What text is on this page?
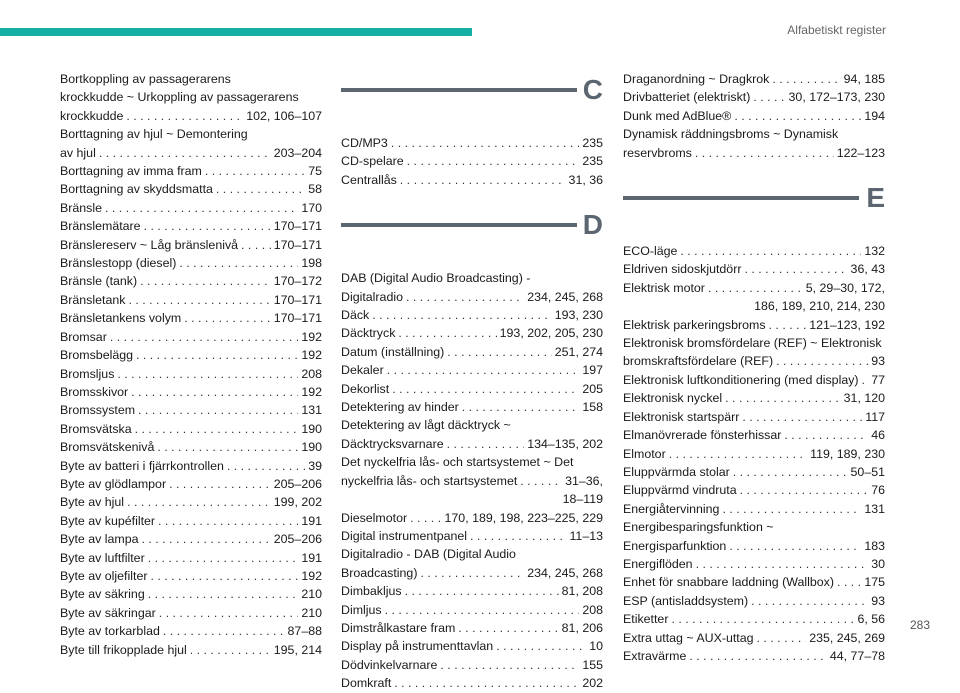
Alfabetiskt register
Bortkoppling av passagerarens
krockkudde ~ Urkoppling av passagerarens
krockkudde . . .	102, 106–107
Borttagning av hjul ~ Demontering
av hjul . . .	203–204
Borttagning av imma fram . . .	75
Borttagning av skyddsmatta . . .	58
Bränsle . . .	170
Bränslemätare . . .	170–171
Bränslereserv ~ Låg bränslenivå . . .	170–171
Bränslestopp (diesel) . . .	198
Bränsle (tank) . . .	170–172
Bränsletank . . .	170–171
Bränsletankens volym . . .	170–171
Bromsar . . .	192
Bromsbelägg . . .	192
Bromsljus . . .	208
Bromsskivor . . .	192
Bromssystem . . .	131
Bromsvätska . . .	190
Bromsvätskenivå . . .	190
Byte av batteri i fjärrkontrollen . . .	39
Byte av glödlampor . . .	205–206
Byte av hjul . . .	199, 202
Byte av kupéfilter . . .	191
Byte av lampa . . .	205–206
Byte av luftfilter . . .	191
Byte av oljefilter . . .	192
Byte av säkring . . .	210
Byte av säkringar . . .	210
Byte av torkarblad . . .	87–88
Byte till frikopplade hjul . . .	195, 214
C
CD/MP3 . . .	235
CD-spelare . . .	235
Centrallås . . .	31, 36
D
DAB (Digital Audio Broadcasting) -
Digitalradio . . .	234, 245, 268
Däck . . .	193, 230
Däcktryck . . .	193, 202, 205, 230
Datum (inställning) . . .	251, 274
Dekaler . . .	197
Dekorlist . . .	205
Detektering av hinder . . .	158
Detektering av lågt däcktryck ~
Däcktrycksvarnare . . .	134–135, 202
Det nyckelfria lås- och startsystemet ~ Det
nyckelfria lås- och startsystemet . . .	31–36,
18–119
Dieselmotor . . .	170, 189, 198, 223–225, 229
Digital instrumentpanel . . .	11–13
Digitalradio - DAB (Digital Audio
Broadcasting) . . .	234, 245, 268
Dimbakljus . . .	81, 208
Dimljus . . .	208
Dimstrålkastare fram . . .	81, 206
Display på instrumenttavlan . . .	10
Dödvinkelvarnare . . .	155
Domkraft . . .	202
Draganordning ~ Dragkrok . . .	94, 185
Drivbatteriet (elektriskt) . . .	30, 172–173, 230
Dunk med AdBlue® . . .	194
Dynamisk räddningsbroms ~ Dynamisk
reservbroms . . .	122–123
E
ECO-läge . . .	132
Eldriven sidoskjutdörr . . .	36, 43
Elektrisk motor . . .	5, 29–30, 172,
186, 189, 210, 214, 230
Elektrisk parkeringsbroms . . .	121–123, 192
Elektronisk bromsfördelare (REF) ~ Elektronisk
bromskraftsfördelare (REF) . . .	93
Elektronisk luftkonditionering (med display) . . . 77
Elektronisk nyckel . . .	31, 120
Elektronisk startspärr . . .	117
Elmanövrerade fönsterhissar . . .	46
Elmotor . . .	119, 189, 230
Eluppvärmda stolar . . .	50–51
Eluppvärmd vindruta . . .	76
Energiåtervinning . . .	131
Energibesparingsfunktion ~
Energisparfunktion . . .	183
Energiflöden . . .	30
Enhet för snabbare laddning (Wallbox) . . . 175
ESP (antisladdsystem) . . .	93
Etiketter . . .	6, 56
Extra uttag ~ AUX-uttag . . .	235, 245, 269
Extravärme . . .	44, 77–78
283
